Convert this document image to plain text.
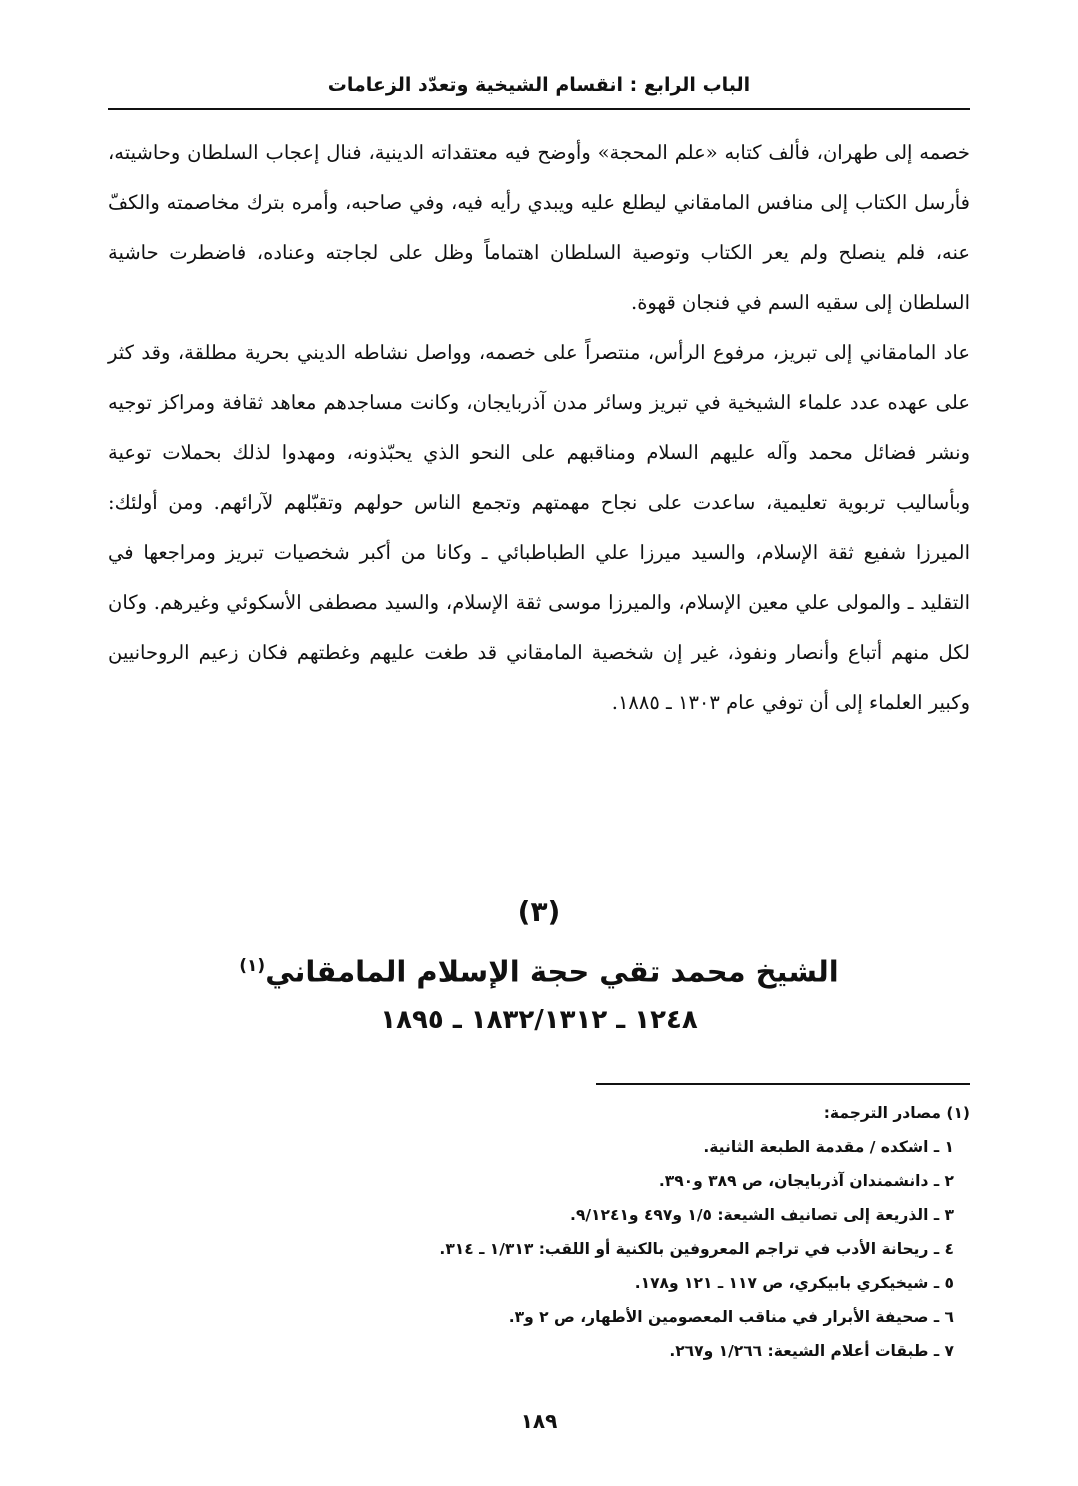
الباب الرابع : انقسام الشيخية وتعدّد الزعامات

خصمه إلى طهران، فألف كتابه «علم المحجة» وأوضح فيه معتقداته الدينية، فنال إعجاب السلطان وحاشيته، فأرسل الكتاب إلى منافس المامقاني ليطلع عليه ويبدي رأيه فيه، وفي صاحبه، وأمره بترك مخاصمته والكفّ عنه، فلم ينصلح ولم يعر الكتاب وتوصية السلطان اهتماماً وظل على لجاجته وعناده، فاضطرت حاشية السلطان إلى سقيه السم في فنجان قهوة.

عاد المامقاني إلى تبريز، مرفوع الرأس، منتصراً على خصمه، وواصل نشاطه الديني بحرية مطلقة، وقد كثر على عهده عدد علماء الشيخية في تبريز وسائر مدن آذربايجان، وكانت مساجدهم معاهد ثقافة ومراكز توجيه ونشر فضائل محمد وآله عليهم السلام ومناقبهم على النحو الذي يحبّذونه، ومهدوا لذلك بحملات توعية وبأساليب تربوية تعليمية، ساعدت على نجاح مهمتهم وتجمع الناس حولهم وتقبّلهم لآرائهم. ومن أولئك: الميرزا شفيع ثقة الإسلام، والسيد ميرزا علي الطباطبائي ـ وكانا من أكبر شخصيات تبريز ومراجعها في التقليد ـ والمولى علي معين الإسلام، والميرزا موسى ثقة الإسلام، والسيد مصطفى الأسكوئي وغيرهم. وكان لكل منهم أتباع وأنصار ونفوذ، غير إن شخصية المامقاني قد طغت عليهم وغطتهم فكان زعيم الروحانيين وكبير العلماء إلى أن توفي عام ١٣٠٣ ـ ١٨٨٥.

(٣)
الشيخ محمد تقي حجة الإسلام المامقاني$^{(١)}$
١٢٤٨ ـ ١٨٣٢/١٣١٢ ـ ١٨٩٥

(١) مصادر الترجمة:

١ ـ اشكده / مقدمة الطبعة الثانية.
٢ ـ دانشمندان آذربايجان، ص ٣٨٩ و٣٩٠.
٣ ـ الذريعة إلى تصانيف الشيعة: ١/٥ و٤٩٧ و٩/١٢٤١.
٤ ـ ريحانة الأدب في تراجم المعروفين بالكنية أو اللقب: ١/٣١٣ ـ ٣١٤.
٥ ـ شيخيكري بابيكري، ص ١١٧ ـ ١٢١ و١٧٨.
٦ ـ صحيفة الأبرار في مناقب المعصومين الأطهار، ص ٢ و٣.
٧ ـ طبقات أعلام الشيعة: ١/٢٦٦ و٢٦٧.
١٨٩
